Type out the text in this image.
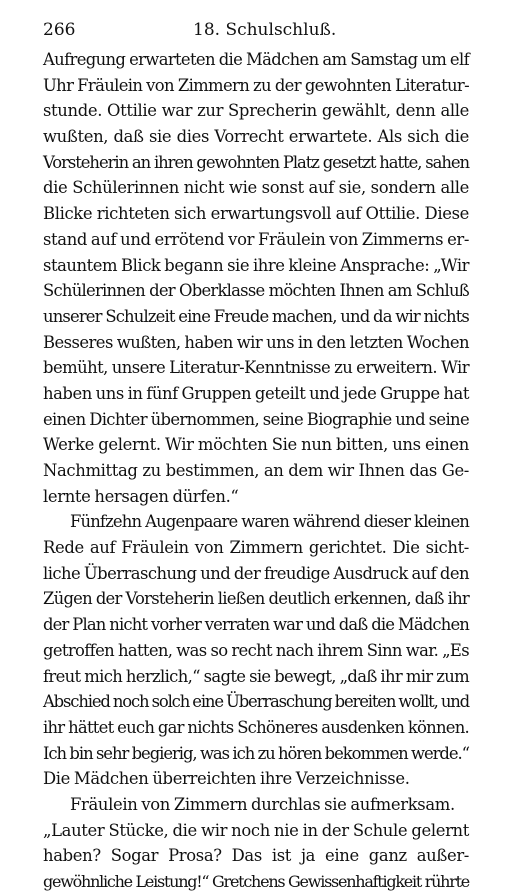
266	18. Schulschluß.
Aufregung erwarteten die Mädchen am Samstag um elf
Uhr Fräulein von Zimmern zu der gewohnten Literatur-
stunde. Ottilie war zur Sprecherin gewählt, denn alle
wußten, daß sie dies Vorrecht erwartete. Als sich die
Vorsteherin an ihren gewohnten Platz gesetzt hatte, sahen
die Schülerinnen nicht wie sonst auf sie, sondern alle
Blicke richteten sich erwartungsvoll auf Ottilie. Diese
stand auf und errötend vor Fräulein von Zimmerns er-
stauntem Blick begann sie ihre kleine Ansprache: „Wir
Schülerinnen der Oberklasse möchten Ihnen am Schluß
unserer Schulzeit eine Freude machen, und da wir nichts
Besseres wußten, haben wir uns in den letzten Wochen
bemüht, unsere Literatur-Kenntnisse zu erweitern. Wir
haben uns in fünf Gruppen geteilt und jede Gruppe hat
einen Dichter übernommen, seine Biographie und seine
Werke gelernt. Wir möchten Sie nun bitten, uns einen
Nachmittag zu bestimmen, an dem wir Ihnen das Ge-
lernte hersagen dürfen.“
Fünfzehn Augenpaare waren während dieser kleinen
Rede auf Fräulein von Zimmern gerichtet. Die sicht-
liche Überraschung und der freudige Ausdruck auf den
Zügen der Vorsteherin ließen deutlich erkennen, daß ihr
der Plan nicht vorher verraten war und daß die Mädchen
getroffen hatten, was so recht nach ihrem Sinn war. „Es
freut mich herzlich,“ sagte sie bewegt, „daß ihr mir zum
Abschied noch solch eine Überraschung bereiten wollt, und
ihr hättet euch gar nichts Schöneres ausdenken können.
Ich bin sehr begierig, was ich zu hören bekommen werde.“
Die Mädchen überreichten ihre Verzeichnisse.
Fräulein von Zimmern durchlas sie aufmerksam.
„Lauter Stücke, die wir noch nie in der Schule gelernt
haben? Sogar Prosa? Das ist ja eine ganz außer-
gewöhnliche Leistung!“ Gretchens Gewissenhaftigkeit rührte
